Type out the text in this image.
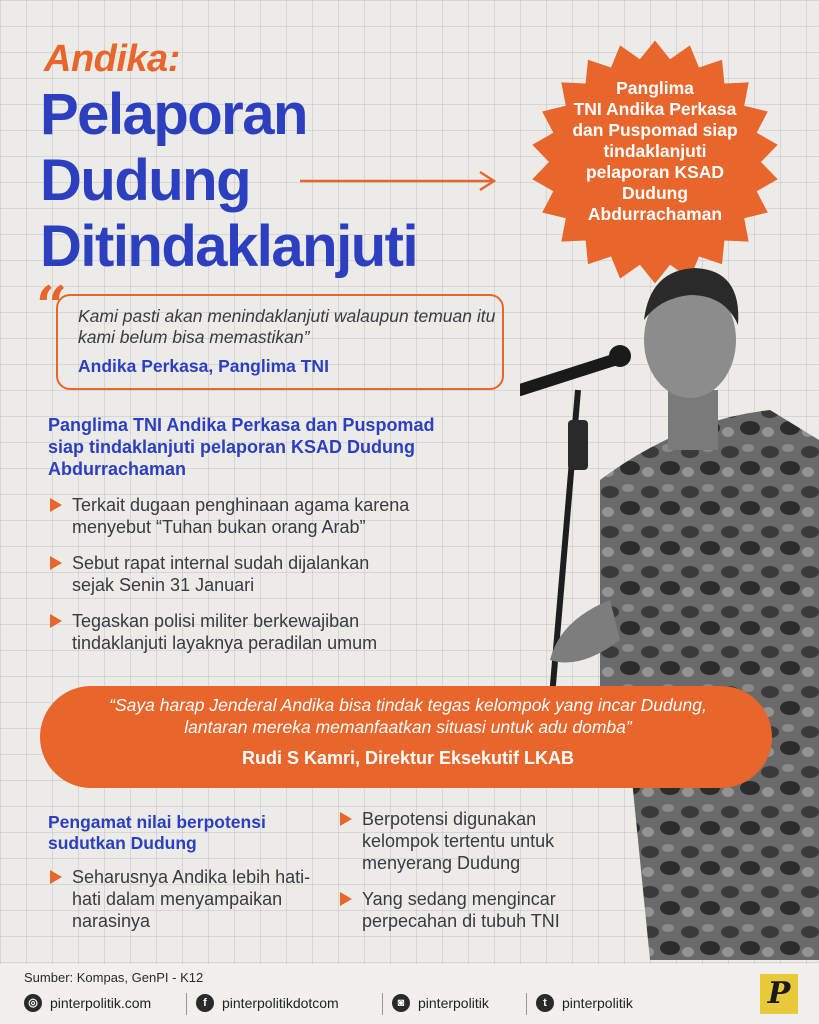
Andika:
Pelaporan
Dudung
Ditindaklanjuti
Panglima
TNI Andika Perkasa
dan Puspomad siap
tindaklanjuti
pelaporan KSAD
Dudung
Abdurrachaman
“ Kami pasti akan menindaklanjuti walaupun temuan itu kami belum bisa memastikan”
Andika Perkasa, Panglima TNI
Panglima TNI Andika Perkasa dan Puspomad siap tindaklanjuti pelaporan KSAD Dudung Abdurrachaman
Terkait dugaan penghinaan agama karena menyebut “Tuhan bukan orang Arab”
Sebut rapat internal sudah dijalankan sejak Senin 31 Januari
Tegaskan polisi militer berkewajiban tindaklanjuti layaknya peradilan umum
“Saya harap Jenderal Andika bisa tindak tegas kelompok yang incar Dudung, lantaran mereka memanfaatkan situasi untuk adu domba”
Rudi S Kamri, Direktur Eksekutif LKAB
Pengamat nilai berpotensi sudutkan Dudung
Seharusnya Andika lebih hati-hati dalam menyampaikan narasinya
Berpotensi digunakan kelompok tertentu untuk menyerang Dudung
Yang sedang mengincar perpecahan di tubuh TNI
Sumber: Kompas, GenPI - K12
◎ pinterpolitik.com	f	pinterpolitikdotcom	◙ pinterpolitik	t	pinterpolitik	P
